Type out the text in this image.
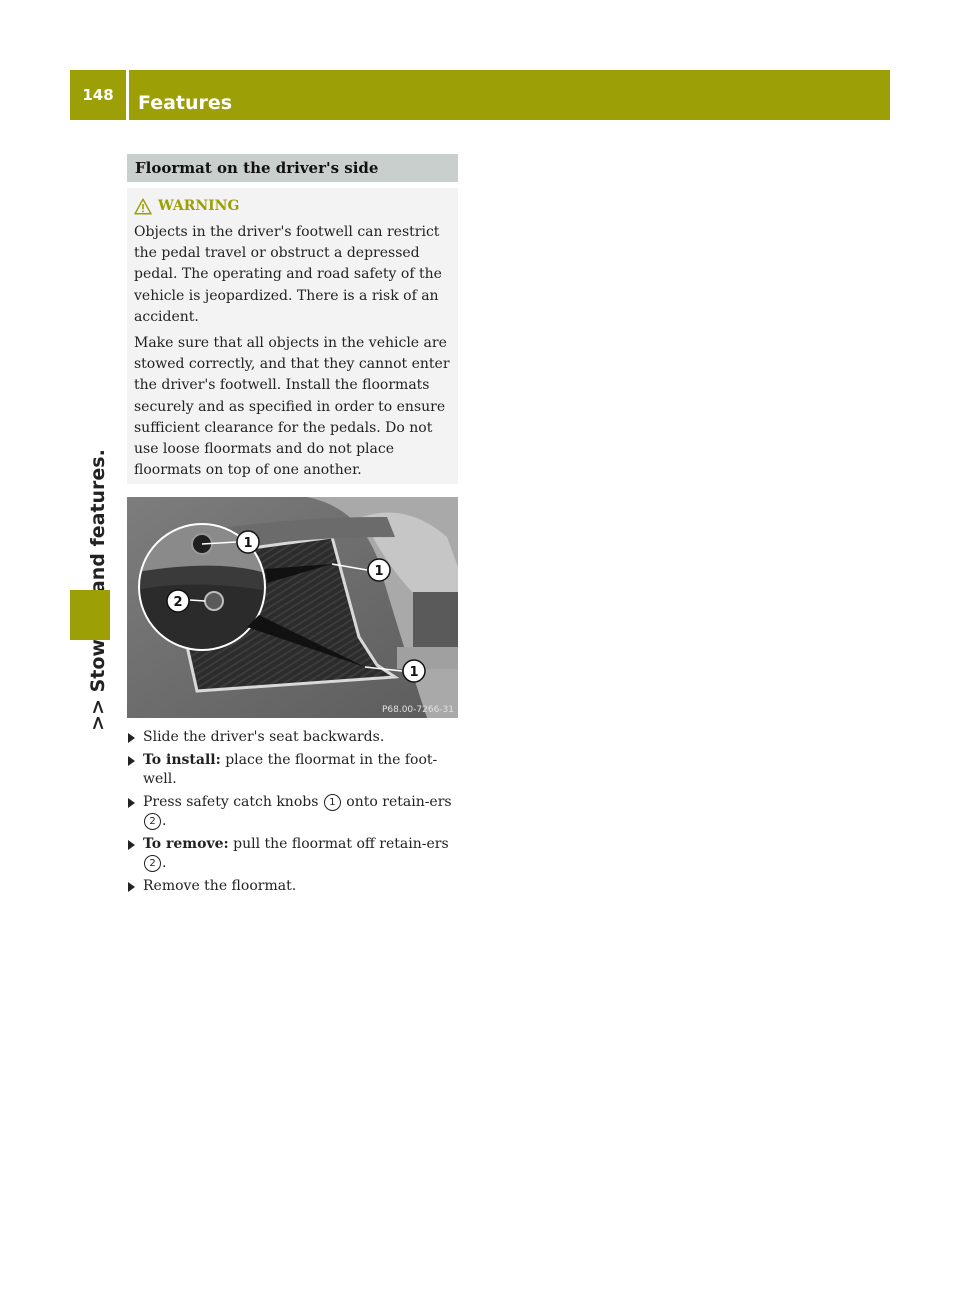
148	Features
Floormat on the driver's side
WARNING

Objects in the driver's footwell can restrict the pedal travel or obstruct a depressed pedal. The operating and road safety of the vehicle is jeopardized. There is a risk of an accident.

Make sure that all objects in the vehicle are stowed correctly, and that they cannot enter the driver's footwell. Install the floormats securely and as specified in order to ensure sufficient clearance for the pedals. Do not use loose floormats and do not place floormats on top of one another.

1
1
1
2
P68.00-7266-31
Slide the driver's seat backwards.
To install: place the floormat in the foot-well.
Press safety catch knobs 1 onto retain-ers 2 .
To remove: pull the floormat off retain-ers 2 .
Remove the floormat.
